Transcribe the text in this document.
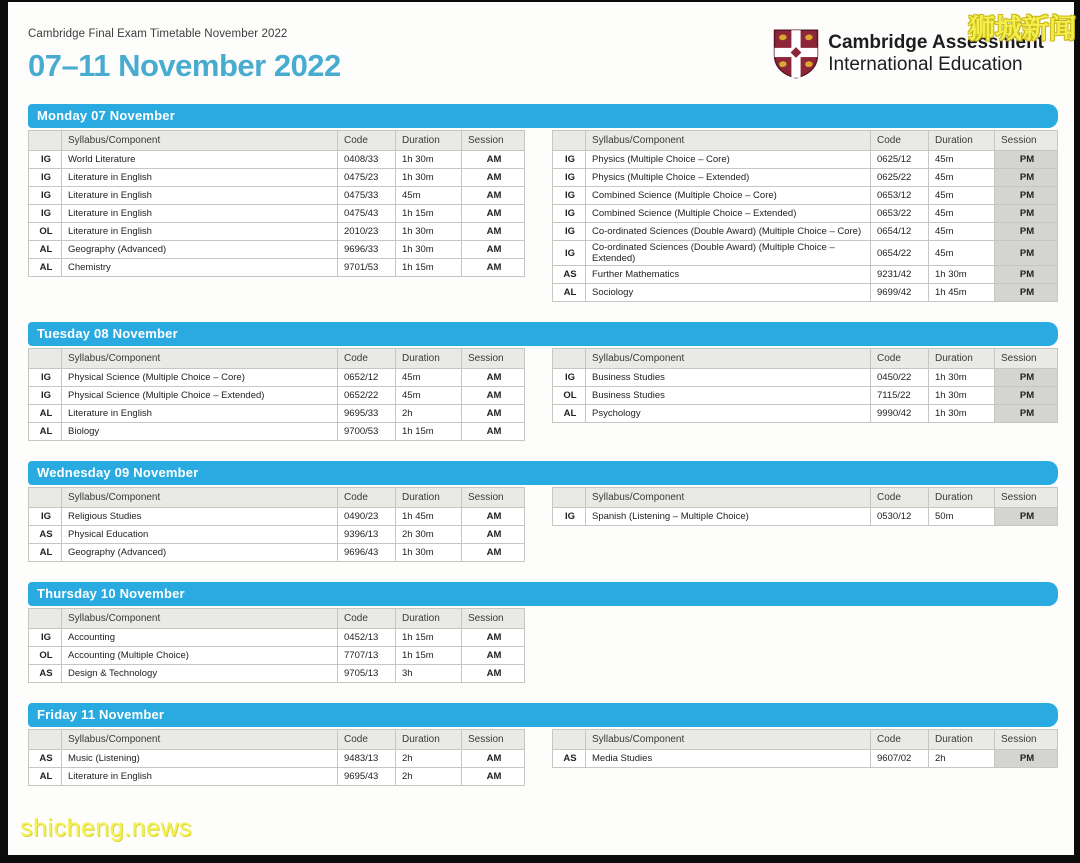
Cambridge Final Exam Timetable November 2022
07–11 November 2022
Cambridge Assessment
International Education
Monday 07 November
	Syllabus/Component	Code	Duration	Session
IG	World Literature	0408/33	1h 30m	AM
IG	Literature in English	0475/23	1h 30m	AM
IG	Literature in English	0475/33	45m	AM
IG	Literature in English	0475/43	1h 15m	AM
OL	Literature in English	2010/23	1h 30m	AM
AL	Geography (Advanced)	9696/33	1h 30m	AM
AL	Chemistry	9701/53	1h 15m	AM
	Syllabus/Component	Code	Duration	Session
IG	Physics (Multiple Choice – Core)	0625/12	45m	PM
IG	Physics (Multiple Choice – Extended)	0625/22	45m	PM
IG	Combined Science (Multiple Choice – Core)	0653/12	45m	PM
IG	Combined Science (Multiple Choice – Extended)	0653/22	45m	PM
IG	Co-ordinated Sciences (Double Award) (Multiple Choice – Core)	0654/12	45m	PM
IG	Co-ordinated Sciences (Double Award) (Multiple Choice – Extended)	0654/22	45m	PM
AS	Further Mathematics	9231/42	1h 30m	PM
AL	Sociology	9699/42	1h 45m	PM
Tuesday 08 November
	Syllabus/Component	Code	Duration	Session
IG	Physical Science (Multiple Choice – Core)	0652/12	45m	AM
IG	Physical Science (Multiple Choice – Extended)	0652/22	45m	AM
AL	Literature in English	9695/33	2h	AM
AL	Biology	9700/53	1h 15m	AM
	Syllabus/Component	Code	Duration	Session
IG	Business Studies	0450/22	1h 30m	PM
OL	Business Studies	7115/22	1h 30m	PM
AL	Psychology	9990/42	1h 30m	PM
Wednesday 09 November
	Syllabus/Component	Code	Duration	Session
IG	Religious Studies	0490/23	1h 45m	AM
AS	Physical Education	9396/13	2h 30m	AM
AL	Geography (Advanced)	9696/43	1h 30m	AM
	Syllabus/Component	Code	Duration	Session
IG	Spanish (Listening – Multiple Choice)	0530/12	50m	PM
Thursday 10 November
	Syllabus/Component	Code	Duration	Session
IG	Accounting	0452/13	1h 15m	AM
OL	Accounting (Multiple Choice)	7707/13	1h 15m	AM
AS	Design & Technology	9705/13	3h	AM
Friday 11 November
	Syllabus/Component	Code	Duration	Session
AS	Music (Listening)	9483/13	2h	AM
AL	Literature in English	9695/43	2h	AM
	Syllabus/Component	Code	Duration	Session
AS	Media Studies	9607/02	2h	PM
shicheng.news
狮城新闻
